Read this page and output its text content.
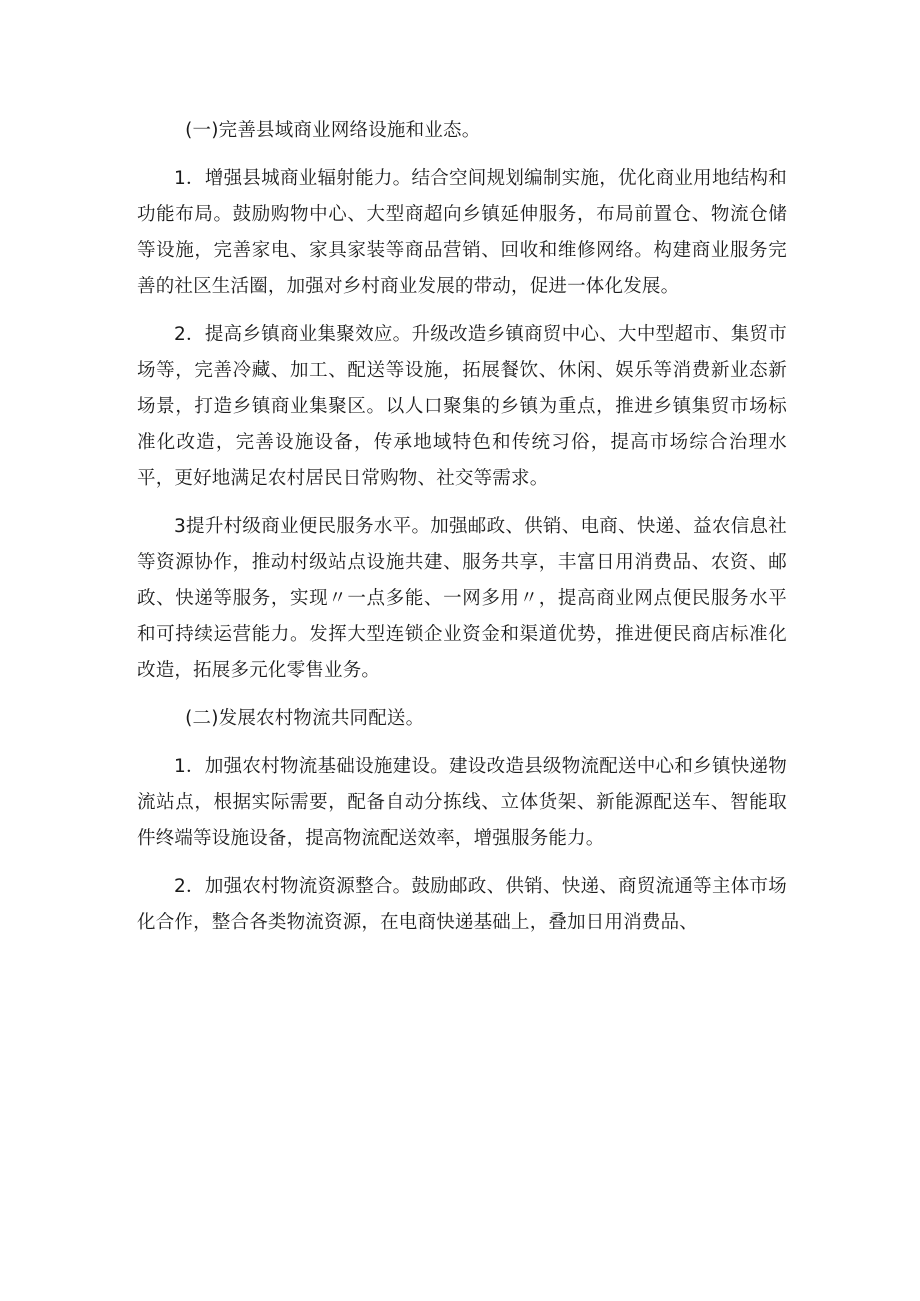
(一)完善县域商业网络设施和业态。

1．增强县城商业辐射能力。结合空间规划编制实施，优化商业用地结构和功能布局。鼓励购物中心、大型商超向乡镇延伸服务，布局前置仓、物流仓储等设施，完善家电、家具家装等商品营销、回收和维修网络。构建商业服务完善的社区生活圈，加强对乡村商业发展的带动，促进一体化发展。

2．提高乡镇商业集聚效应。升级改造乡镇商贸中心、大中型超市、集贸市场等，完善冷藏、加工、配送等设施，拓展餐饮、休闲、娱乐等消费新业态新场景，打造乡镇商业集聚区。以人口聚集的乡镇为重点，推进乡镇集贸市场标准化改造，完善设施设备，传承地域特色和传统习俗，提高市场综合治理水平，更好地满足农村居民日常购物、社交等需求。

3提升村级商业便民服务水平。加强邮政、供销、电商、快递、益农信息社等资源协作，推动村级站点设施共建、服务共享，丰富日用消费品、农资、邮政、快递等服务，实现〃一点多能、一网多用〃，提高商业网点便民服务水平和可持续运营能力。发挥大型连锁企业资金和渠道优势，推进便民商店标准化改造，拓展多元化零售业务。

(二)发展农村物流共同配送。

1．加强农村物流基础设施建设。建设改造县级物流配送中心和乡镇快递物流站点，根据实际需要，配备自动分拣线、立体货架、新能源配送车、智能取件终端等设施设备，提高物流配送效率，增强服务能力。

2．加强农村物流资源整合。鼓励邮政、供销、快递、商贸流通等主体市场化合作，整合各类物流资源，在电商快递基础上，叠加日用消费品、
